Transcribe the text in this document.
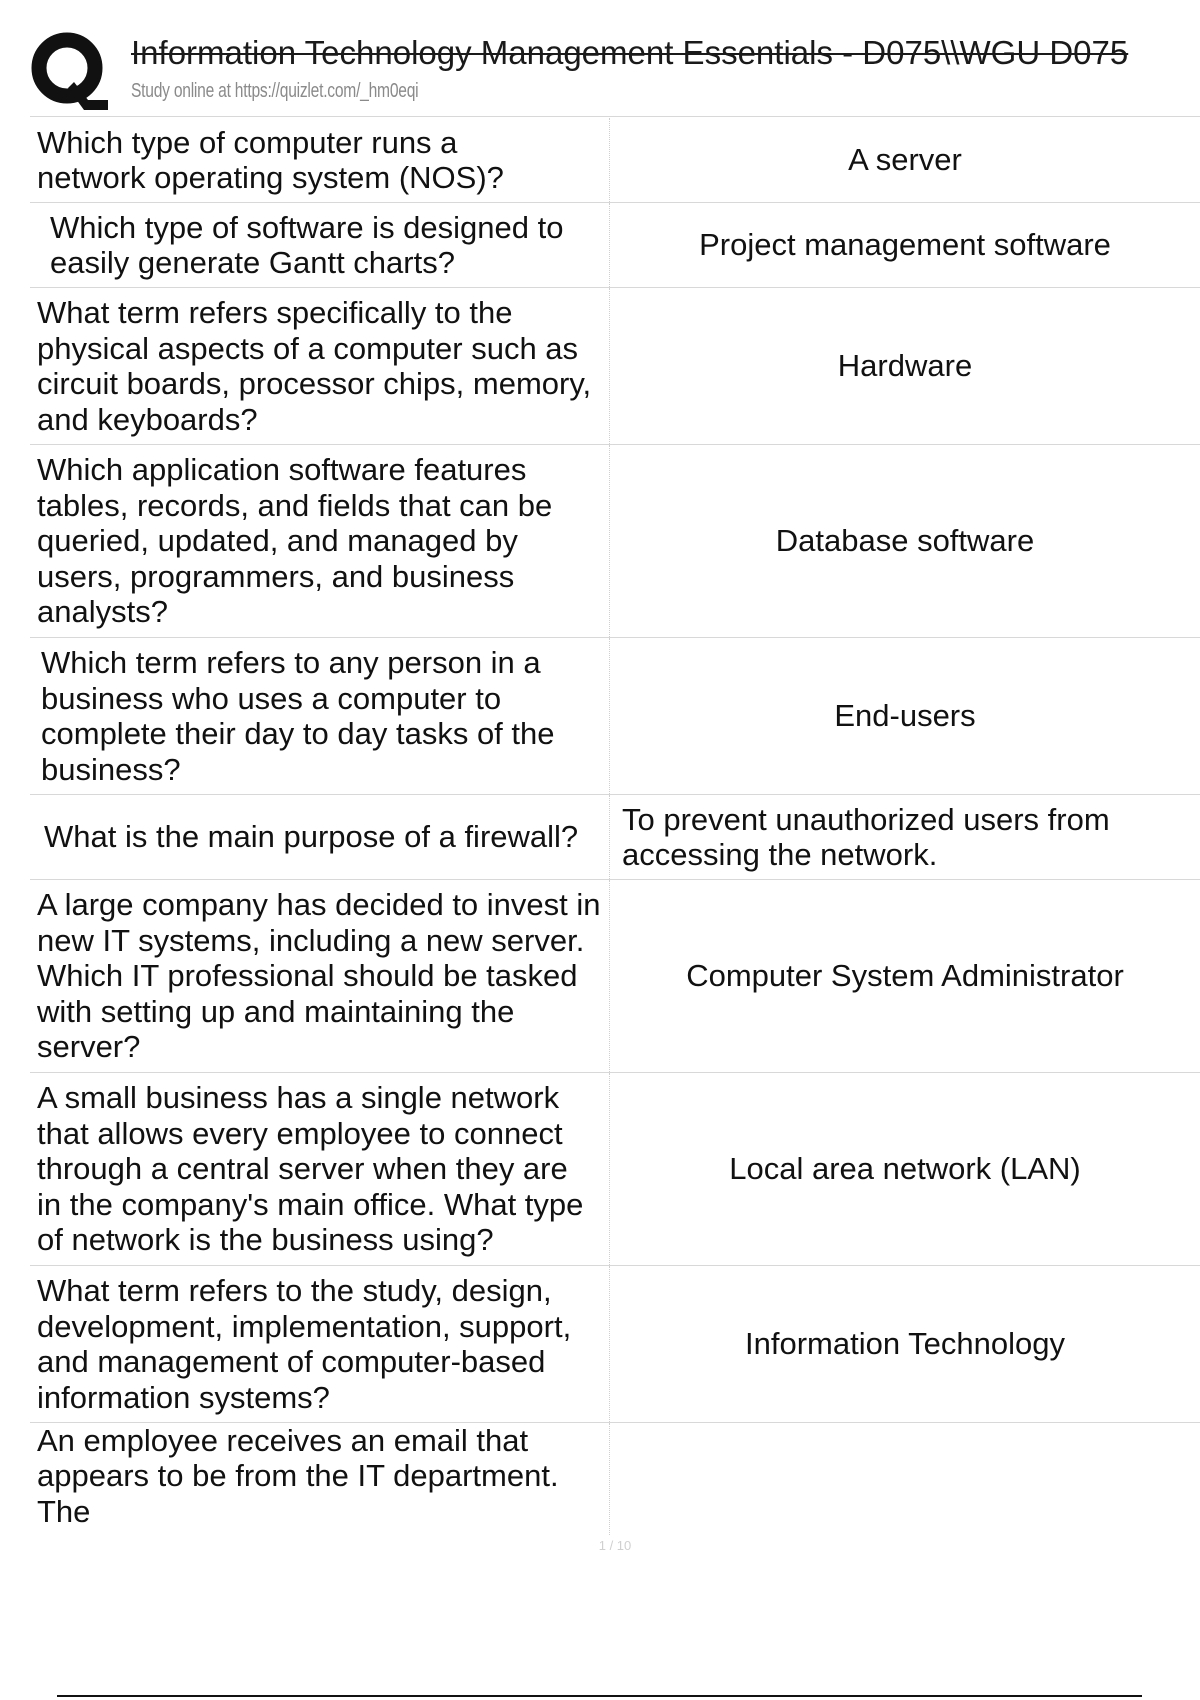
Information Technology Management Essentials - D075\\WGU D075
Study online at https://quizlet.com/_hm0eqi
Which type of computer runs a network operating system (NOS)?
A server
Which type of software is designed to easily generate Gantt charts?
Project management software
What term refers specifically to the physical aspects of a computer such as circuit boards, processor chips, memory, and keyboards?
Hardware
Which application software features tables, records, and fields that can be queried, updated, and managed by users, programmers, and business analysts?
Database software
Which term refers to any person in a business who uses a computer to complete their day to day tasks of the business?
End-users
What is the main purpose of a firewall?
To prevent unauthorized users from accessing the network.
A large company has decided to invest in new IT systems, including a new server. Which IT professional should be tasked with setting up and maintaining the server?
Computer System Administrator
A small business has a single network that allows every employee to connect through a central server when they are in the company's main office. What type of network is the business using?
Local area network (LAN)
What term refers to the study, design, development, implementation, support, and management of computer-based information systems?
Information Technology
An employee receives an email that appears to be from the IT department. The
1 / 10
